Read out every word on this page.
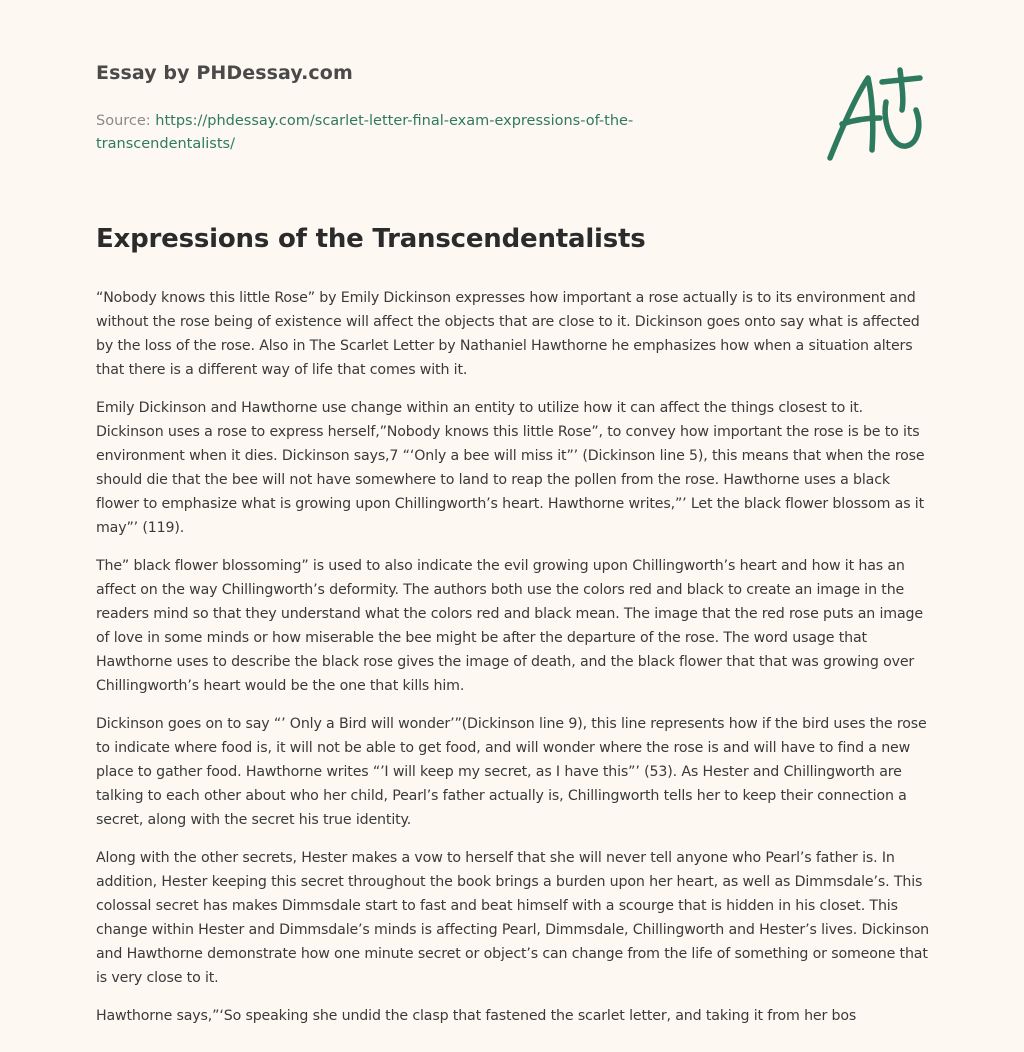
Essay by PHDessay.com
Source: https://phdessay.com/scarlet-letter-final-exam-expressions-of-the-
transcendentalists/
Expressions of the Transcendentalists

“Nobody knows this little Rose” by Emily Dickinson expresses how important a rose actually is to its environment and without the rose being of existence will affect the objects that are close to it. Dickinson goes onto say what is affected by the loss of the rose. Also in The Scarlet Letter by Nathaniel Hawthorne he emphasizes how when a situation alters that there is a different way of life that comes with it.

Emily Dickinson and Hawthorne use change within an entity to utilize how it can affect the things closest to it. Dickinson uses a rose to express herself,”Nobody knows this little Rose”, to convey how important the rose is be to its environment when it dies. Dickinson says,7 “‘Only a bee will miss it”’ (Dickinson line 5), this means that when the rose should die that the bee will not have somewhere to land to reap the pollen from the rose. Hawthorne uses a black flower to emphasize what is growing upon Chillingworth’s heart. Hawthorne writes,”’ Let the black flower blossom as it may”’ (119).

The” black flower blossoming” is used to also indicate the evil growing upon Chillingworth’s heart and how it has an affect on the way Chillingworth’s deformity. The authors both use the colors red and black to create an image in the readers mind so that they understand what the colors red and black mean. The image that the red rose puts an image of love in some minds or how miserable the bee might be after the departure of the rose. The word usage that Hawthorne uses to describe the black rose gives the image of death, and the black flower that that was growing over Chillingworth’s heart would be the one that kills him.

Dickinson goes on to say “’ Only a Bird will wonder’”(Dickinson line 9), this line represents how if the bird uses the rose to indicate where food is, it will not be able to get food, and will wonder where the rose is and will have to find a new place to gather food. Hawthorne writes “’I will keep my secret, as I have this”’ (53). As Hester and Chillingworth are talking to each other about who her child, Pearl’s father actually is, Chillingworth tells her to keep their connection a secret, along with the secret his true identity.

Along with the other secrets, Hester makes a vow to herself that she will never tell anyone who Pearl’s father is. In addition, Hester keeping this secret throughout the book brings a burden upon her heart, as well as Dimmsdale’s. This colossal secret has makes Dimmsdale start to fast and beat himself with a scourge that is hidden in his closet. This change within Hester and Dimmsdale’s minds is affecting Pearl, Dimmsdale, Chillingworth and Hester’s lives. Dickinson and Hawthorne demonstrate how one minute secret or object’s can change from the life of something or someone that is very close to it.

Hawthorne says,”‘So speaking she undid the clasp that fastened the scarlet letter, and taking it from her bos
